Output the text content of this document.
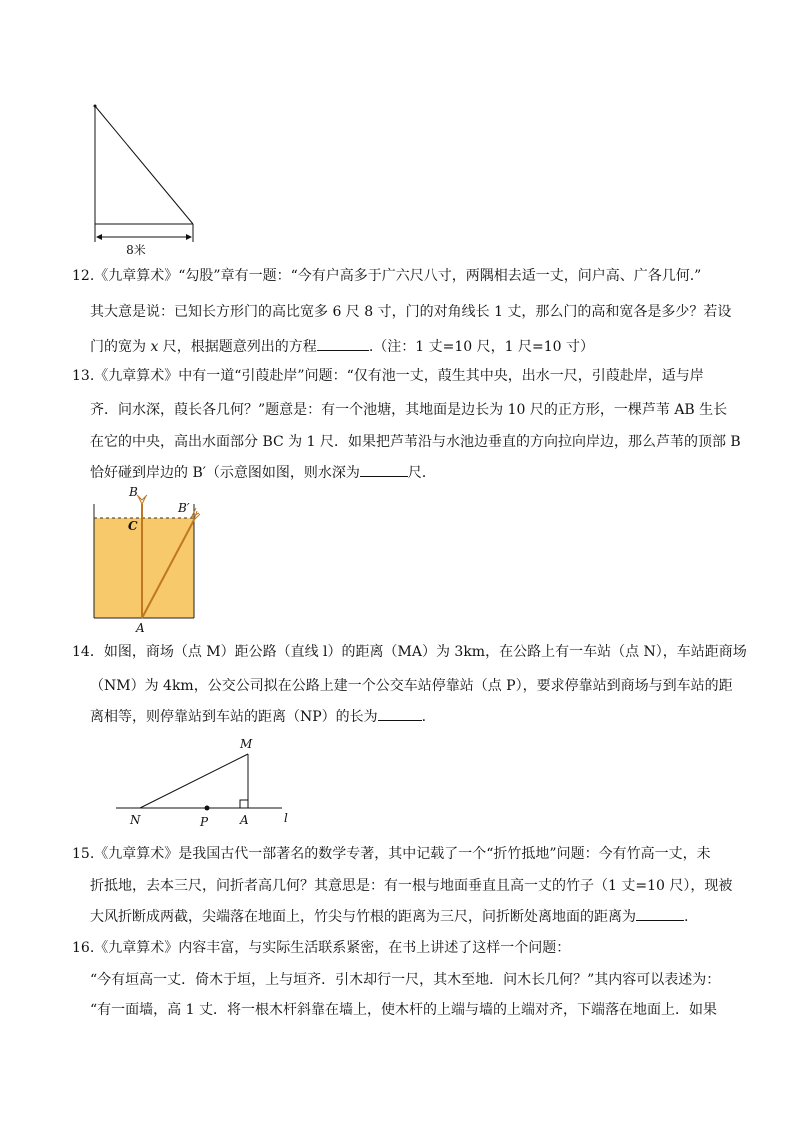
8米
12.《九章算术》“勾股”章有一题：“今有户高多于广六尺八寸，两隅相去适一丈，问户高、广各几何.”
其大意是说：已知长方形门的高比宽多 6 尺 8 寸，门的对角线长 1 丈，那么门的高和宽各是多少？若设
门的宽为 x 尺，根据题意列出的方程	.（注：1 丈=10 尺，1 尺=10 寸）
13.《九章算术》中有一道“引葭赴岸”问题：“仅有池一丈，葭生其中央，出水一尺，引葭赴岸，适与岸
齐．问水深，葭长各几何？”题意是：有一个池塘，其地面是边长为 10 尺的正方形，一棵芦苇 AB 生长
在它的中央，高出水面部分 BC 为 1 尺．如果把芦苇沿与水池边垂直的方向拉向岸边，那么芦苇的顶部 B
恰好碰到岸边的 B′（示意图如图，则水深为	尺．
B
C
B′
A
14．如图，商场（点 M）距公路（直线 l）的距离（MA）为 3km，在公路上有一车站（点 N），车站距商场
（NM）为 4km，公交公司拟在公路上建一个公交车站停靠站（点 P），要求停靠站到商场与到车站的距
离相等，则停靠站到车站的距离（NP）的长为	.
M
N	P	A	l
15.《九章算术》是我国古代一部著名的数学专著，其中记载了一个“折竹抵地”问题：今有竹高一丈，未
折抵地，去本三尺，问折者高几何？其意思是：有一根与地面垂直且高一丈的竹子（1 丈=10 尺），现被
大风折断成两截，尖端落在地面上，竹尖与竹根的距离为三尺，问折断处离地面的距离为	.
16.《九章算术》内容丰富，与实际生活联系紧密，在书上讲述了这样一个问题：
“今有垣高一丈．倚木于垣，上与垣齐．引木却行一尺，其木至地．问木长几何？”其内容可以表述为：
“有一面墙，高 1 丈．将一根木杆斜靠在墙上，使木杆的上端与墙的上端对齐，下端落在地面上．如果
